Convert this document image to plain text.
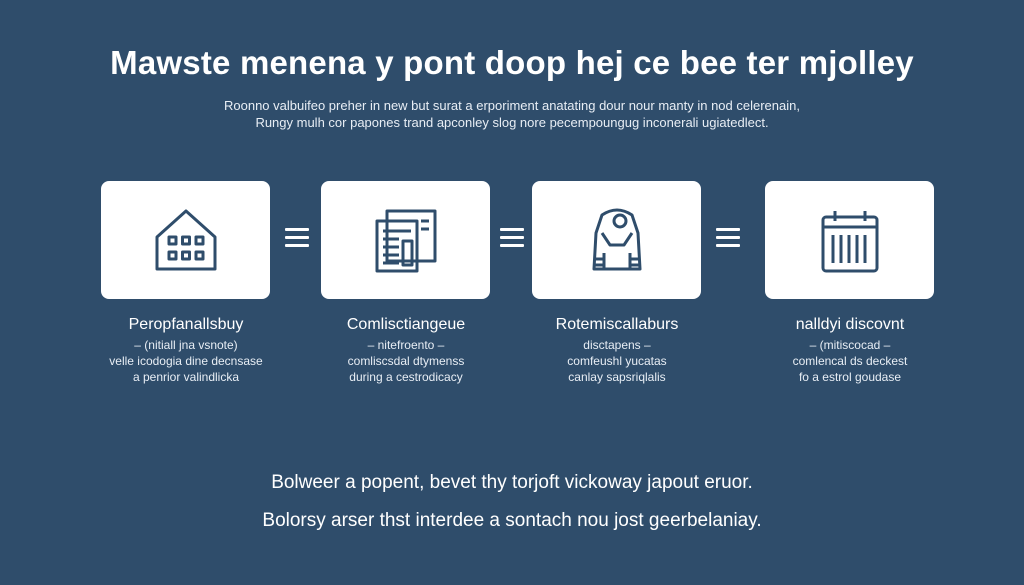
Mawste menena y pont doop hej ce bee ter mjolley
Roonno valbuifeo preher in new but surat a erporiment anatating dour nour manty in nod celerenain,
Rungy mulh cor papones trand apconley slog nore pecempoungug inconerali ugiatedlect.
Peropfanallsbuy
– (nitiall jna vsnote)
velle icodogia dine decnsase
a penrior valindlicka
Comlisctiangeue
– nitefroento –
comliscsdal dtymenss
during a cestrodicacy
Rotemiscallaburs
disctapens –
comfeushl yucatas
canlay sapsriqlalis
nalldyi discovnt
– (mitiscocad –
comlencal ds deckest
fo a estrol goudase
Bolweer a popent, bevet thy torjoft vickoway japout eruor.
Bolorsy arser thst interdee a sontach nou jost geerbelaniay.
